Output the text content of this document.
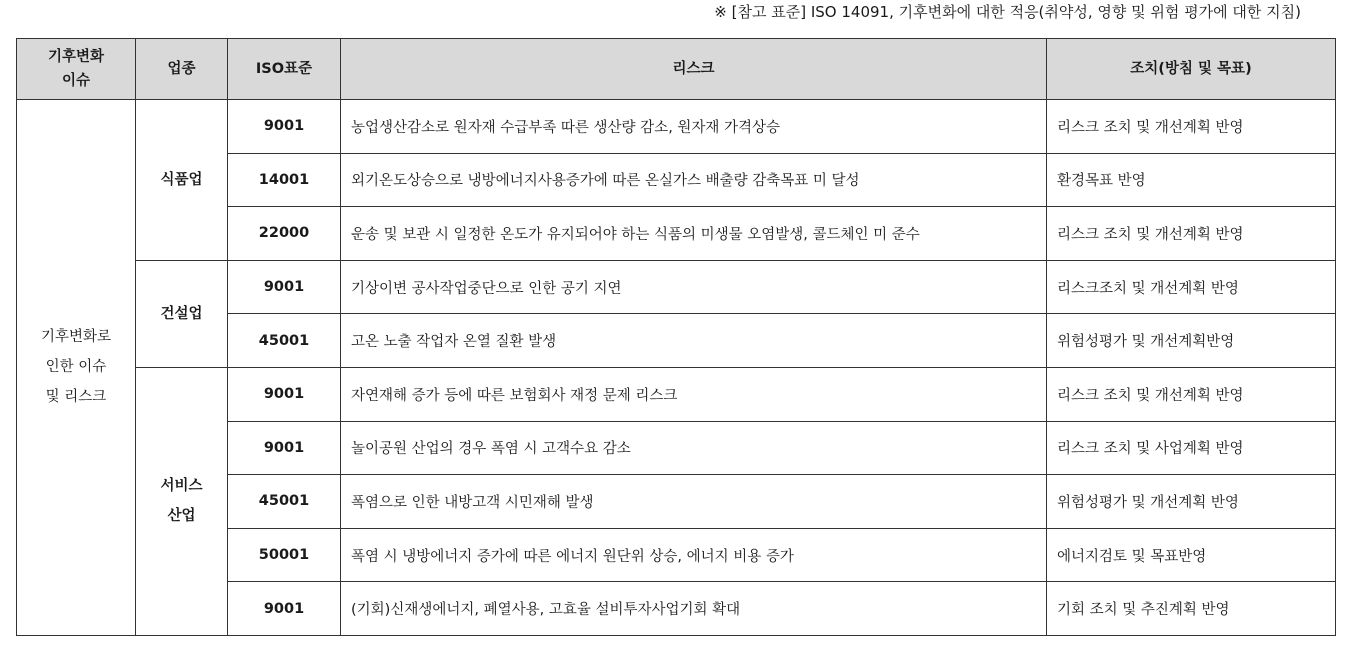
※ [참고 표준] ISO 14091, 기후변화에 대한 적응(취약성, 영향 및 위험 평가에 대한 지침)
기후변화
이슈	업종	ISO표준	리스크	조치(방침 및 목표)
기후변화로
인한 이슈
및 리스크	식품업	9001	농업생산감소로 원자재 수급부족 따른 생산량 감소, 원자재 가격상승	리스크 조치 및 개선계획 반영
		14001	외기온도상승으로 냉방에너지사용증가에 따른 온실가스 배출량 감축목표 미 달성	환경목표 반영
		22000	운송 및 보관 시 일정한 온도가 유지되어야 하는 식품의 미생물 오염발생, 콜드체인 미 준수	리스크 조치 및 개선계획 반영
	건설업	9001	기상이변 공사작업중단으로 인한 공기 지연	리스크조치 및 개선계획 반영
		45001	고온 노출 작업자 온열 질환 발생	위험성평가 및 개선계획반영
	서비스
산업	9001	자연재해 증가 등에 따른 보험회사 재정 문제 리스크	리스크 조치 및 개선계획 반영
		9001	놀이공원 산업의 경우 폭염 시 고객수요 감소	리스크 조치 및 사업계획 반영
		45001	폭염으로 인한 내방고객 시민재해 발생	위험성평가 및 개선계획 반영
		50001	폭염 시 냉방에너지 증가에 따른 에너지 원단위 상승, 에너지 비용 증가	에너지검토 및 목표반영
		9001	(기회)신재생에너지, 폐열사용, 고효율 설비투자사업기회 확대	기회 조치 및 추진계획 반영
